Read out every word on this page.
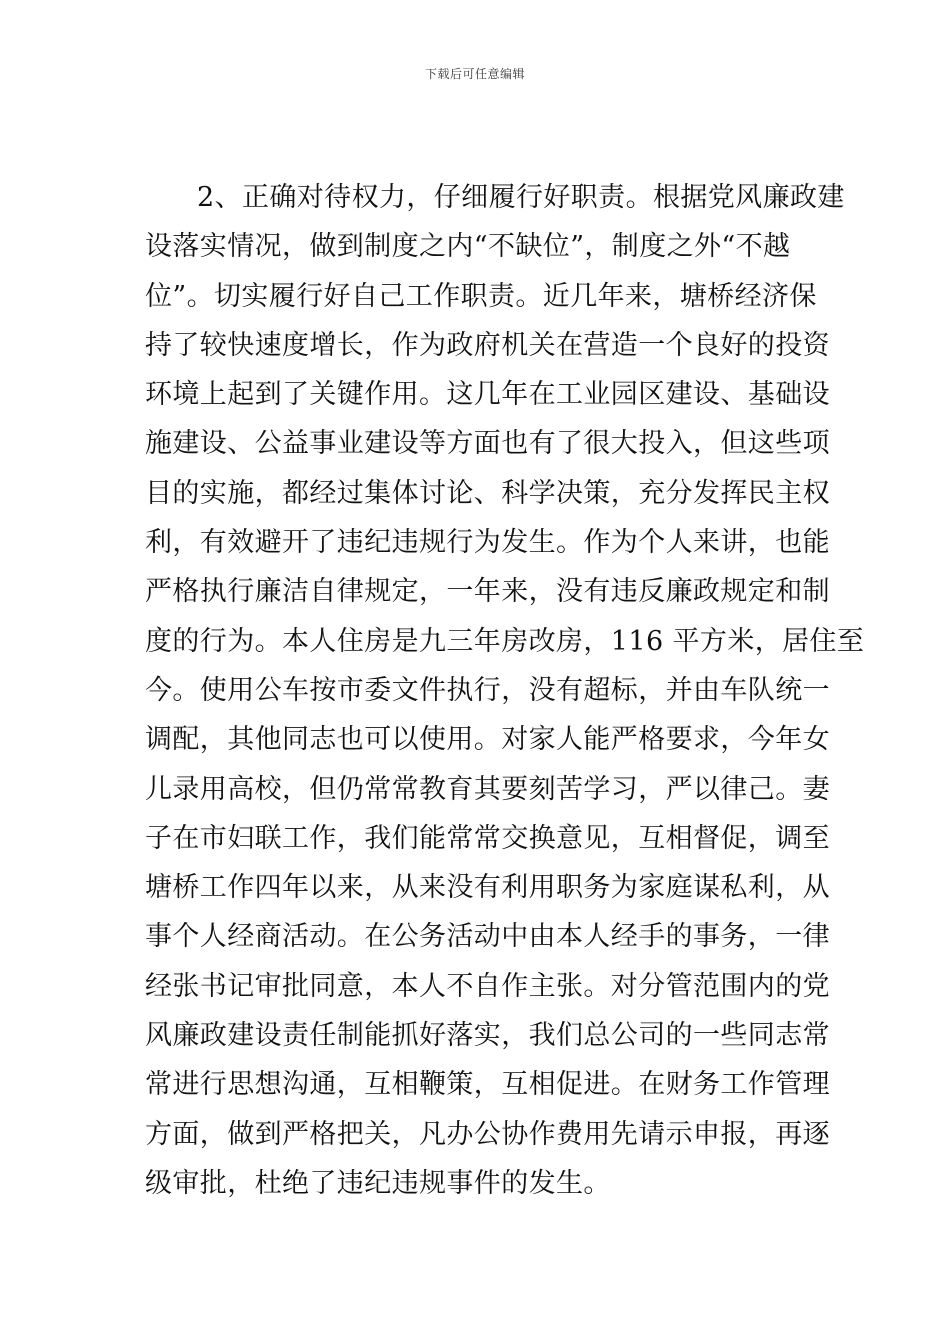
下载后可任意编辑
2、正确对待权力，仔细履行好职责。根据党风廉政建
设落实情况，做到制度之内“不缺位”，制度之外“不越
位”。切实履行好自己工作职责。近几年来，塘桥经济保
持了较快速度增长，作为政府机关在营造一个良好的投资
环境上起到了关键作用。这几年在工业园区建设、基础设
施建设、公益事业建设等方面也有了很大投入，但这些项
目的实施，都经过集体讨论、科学决策，充分发挥民主权
利，有效避开了违纪违规行为发生。作为个人来讲，也能
严格执行廉洁自律规定，一年来，没有违反廉政规定和制
度的行为。本人住房是九三年房改房，116 平方米，居住至
今。使用公车按市委文件执行，没有超标，并由车队统一
调配，其他同志也可以使用。对家人能严格要求，今年女
儿录用高校，但仍常常教育其要刻苦学习，严以律己。妻
子在市妇联工作，我们能常常交换意见，互相督促，调至
塘桥工作四年以来，从来没有利用职务为家庭谋私利，从
事个人经商活动。在公务活动中由本人经手的事务，一律
经张书记审批同意，本人不自作主张。对分管范围内的党
风廉政建设责任制能抓好落实，我们总公司的一些同志常
常进行思想沟通，互相鞭策，互相促进。在财务工作管理
方面，做到严格把关，凡办公协作费用先请示申报，再逐
级审批，杜绝了违纪违规事件的发生。
